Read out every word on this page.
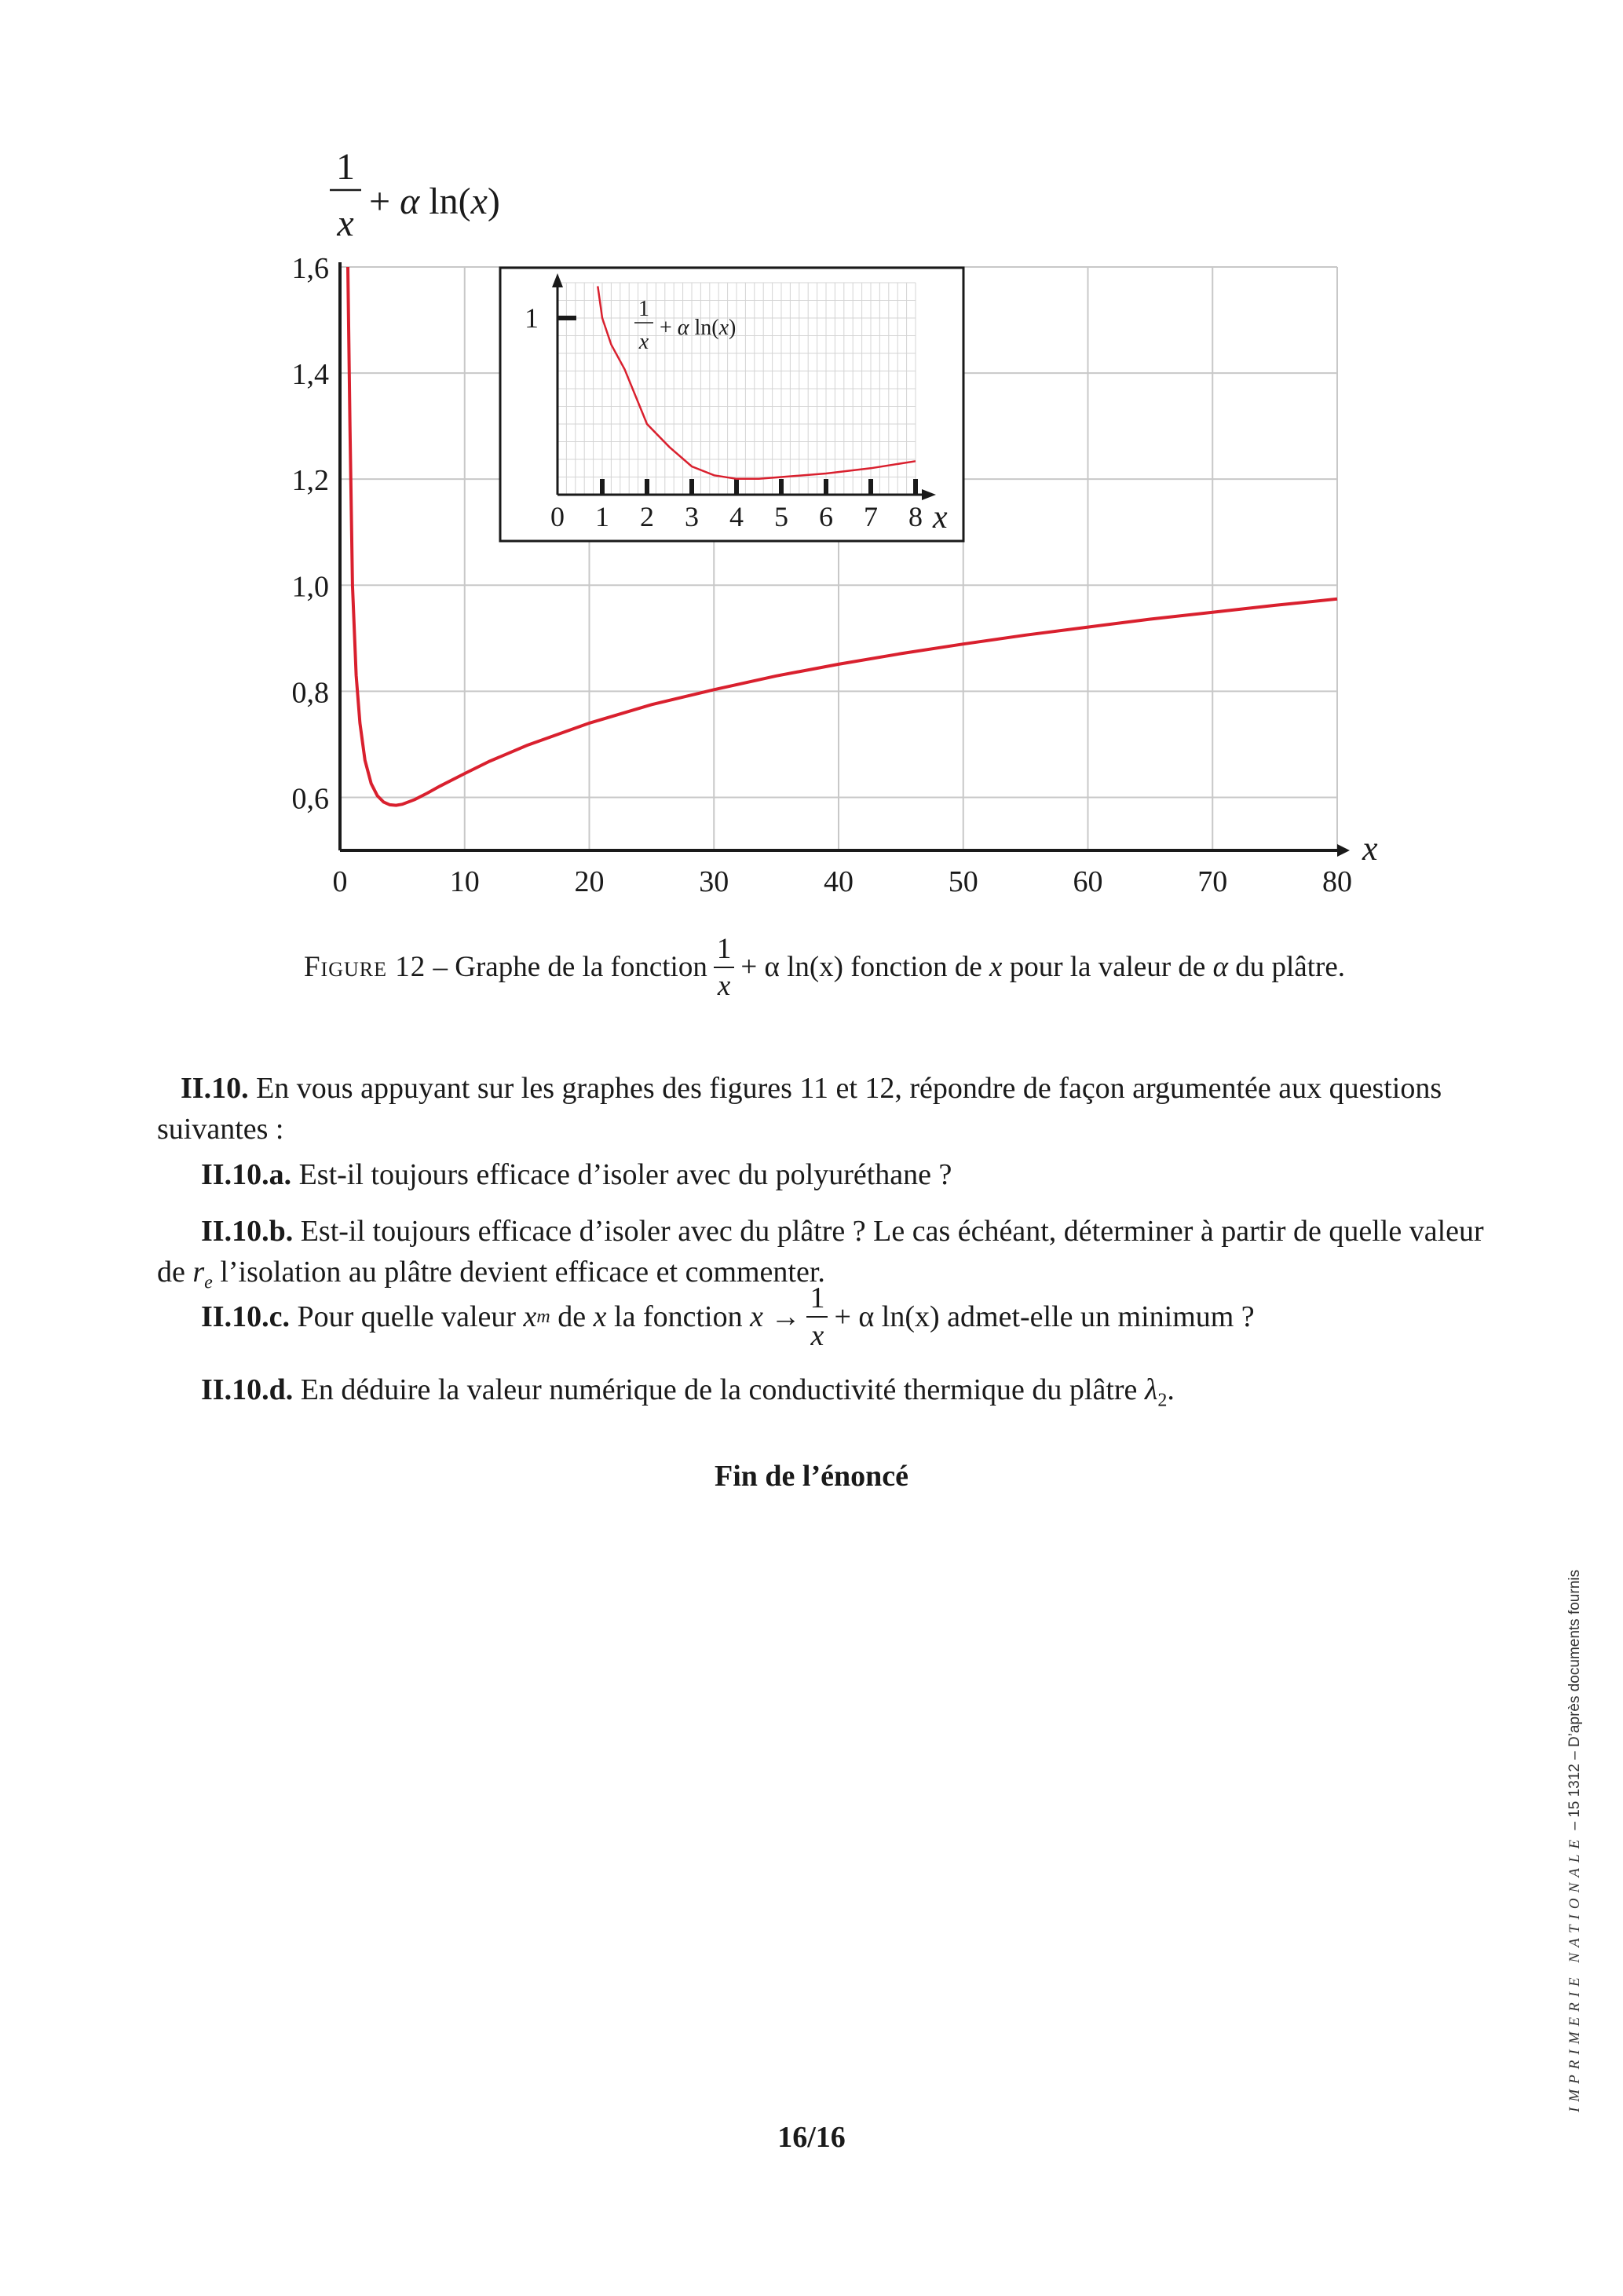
1
x
+ α ln(x)
0	10	20	30	40	50	60	70	80
0,6
0,8
1,0
1,2
1,4
1,6
x
0 1 2 3 4 5 6 7 8
1	1
x
+ α ln(x)
x
Figure 12
–
Graphe de la fonction $\frac{1}{x} + \alpha$ ln(x)
fonction de
x
pour la valeur de
α
du plâtre.
II.10. En vous appuyant sur les graphes des figures 11 et 12, répondre de façon argumentée aux questions suivantes :
II.10.a. Est-il toujours efficace d’isoler avec du polyuréthane ?
II.10.b. Est-il toujours efficace d’isoler avec du plâtre ? Le cas échéant, déterminer à partir de quelle valeur de $r_e$ l’isolation au plâtre devient efficace et commenter.
II.10.c.
Pour quelle valeur
x m
de
x
la fonction
$x \to \frac{1}{x} + \alpha$ ln(x)
admet-elle un minimum ?
II.10.d. En déduire la valeur numérique de la conductivité thermique du plâtre $\lambda_2$.
Fin de l’énoncé
16/16
IMPRIMERIE NATIONALE – 15 1312 – D’après documents fournis
